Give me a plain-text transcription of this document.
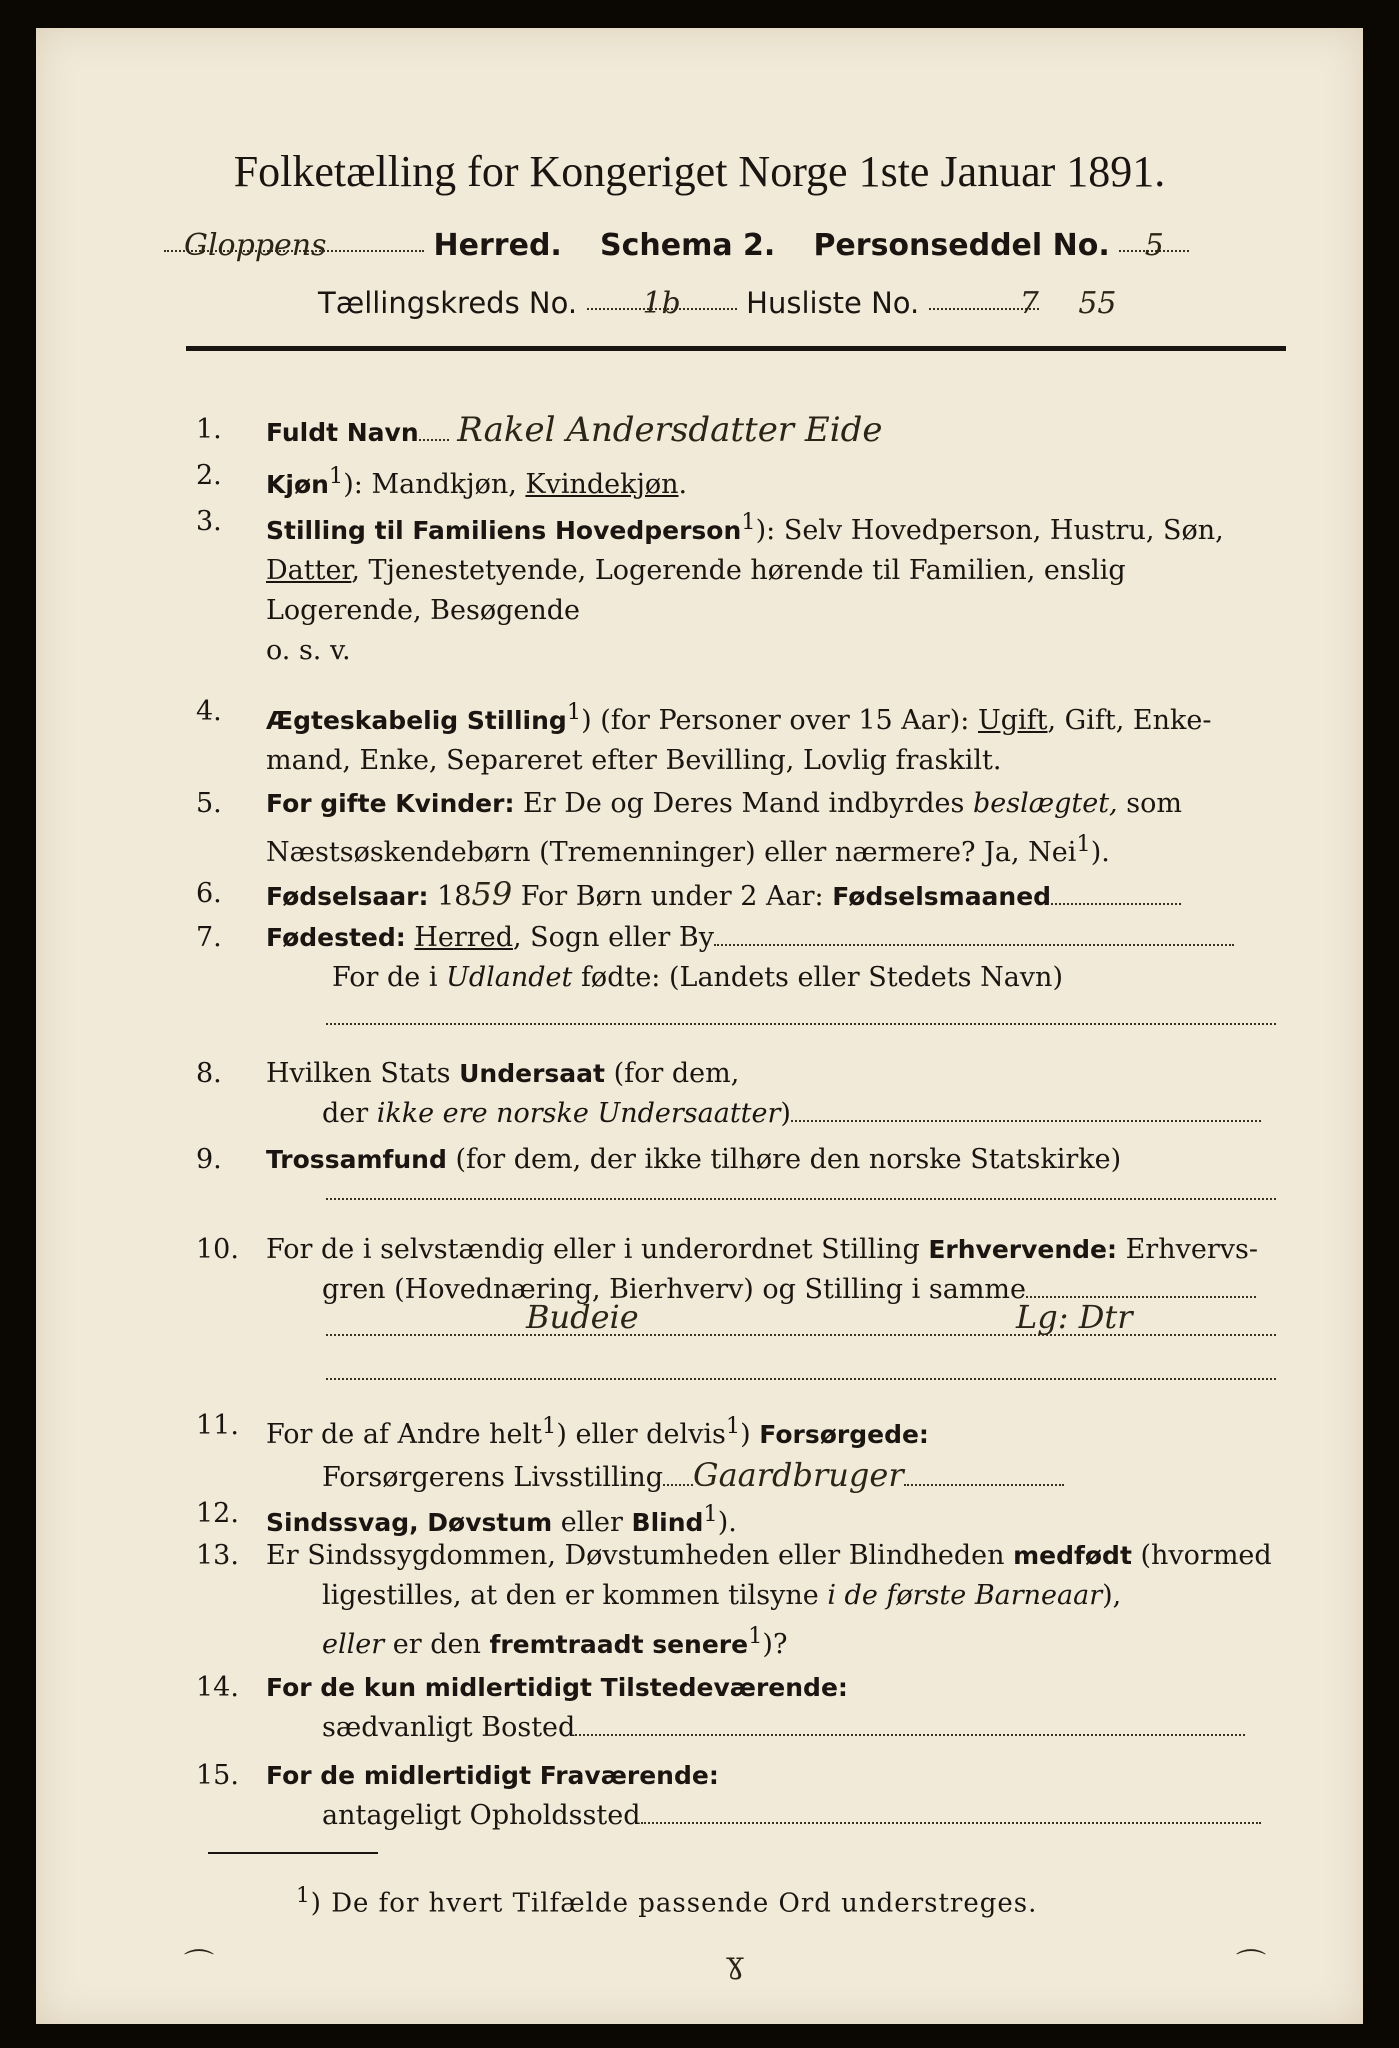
Folketælling for Kongeriget Norge 1ste Januar 1891.
Gloppens	Herred. Schema 2. Personseddel No. 5
Tællingskreds No. 1b Husliste No.	7 55
1.	Fuldt Navn Rakel Andersdatter Eide
2.	Kjøn$^1$): Mandkjøn, Kvindekjøn.
3.	Stilling til Familiens Hovedperson$^1$): Selv Hovedperson, Hustru, Søn,
Datter, Tjenestetyende, Logerende hørende til Familien, enslig
Logerende, Besøgende
o. s. v.
4.	Ægteskabelig Stilling$^1$) (for Personer over 15 Aar): Ugift, Gift, Enke-
mand, Enke, Separeret efter Bevilling, Lovlig fraskilt.
5.	For gifte Kvinder: Er De og Deres Mand indbyrdes beslægtet, som
Næstsøskendebørn (Tremenninger) eller nærmere? Ja, Nei$^1$).
6.	Fødselsaar: 1859 For Børn under 2 Aar: Fødselsmaaned
7.	Fødested: Herred, Sogn eller By
For de i Udlandet fødte: (Landets eller Stedets Navn)
8.	Hvilken Stats Undersaat (for dem,
der ikke ere norske Undersaatter)
9.	Trossamfund (for dem, der ikke tilhøre den norske Statskirke)
10.	For de i selvstændig eller i underordnet Stilling Erhvervende: Erhvervs-
gren (Hovednæring, Bierhverv) og Stilling i samme
Budeie	Lg: Dtr
11.	For de af Andre helt$^1$) eller delvis$^1$) Forsørgede:
Forsørgerens Livsstilling Gaardbruger
12.	Sindssvag, Døvstum eller Blind$^1$).
13.	Er Sindssygdommen, Døvstumheden eller Blindheden medfødt (hvormed
ligestilles, at den er kommen tilsyne i de første Barneaar),
eller er den fremtraadt senere$^1$)?
14.	For de kun midlertidigt Tilstedeværende:
sædvanligt Bosted
15.	For de midlertidigt Fraværende:
antageligt Opholdssted
$^1$) De for hvert Tilfælde passende Ord understreges.
⌒	ɣ	⌒
